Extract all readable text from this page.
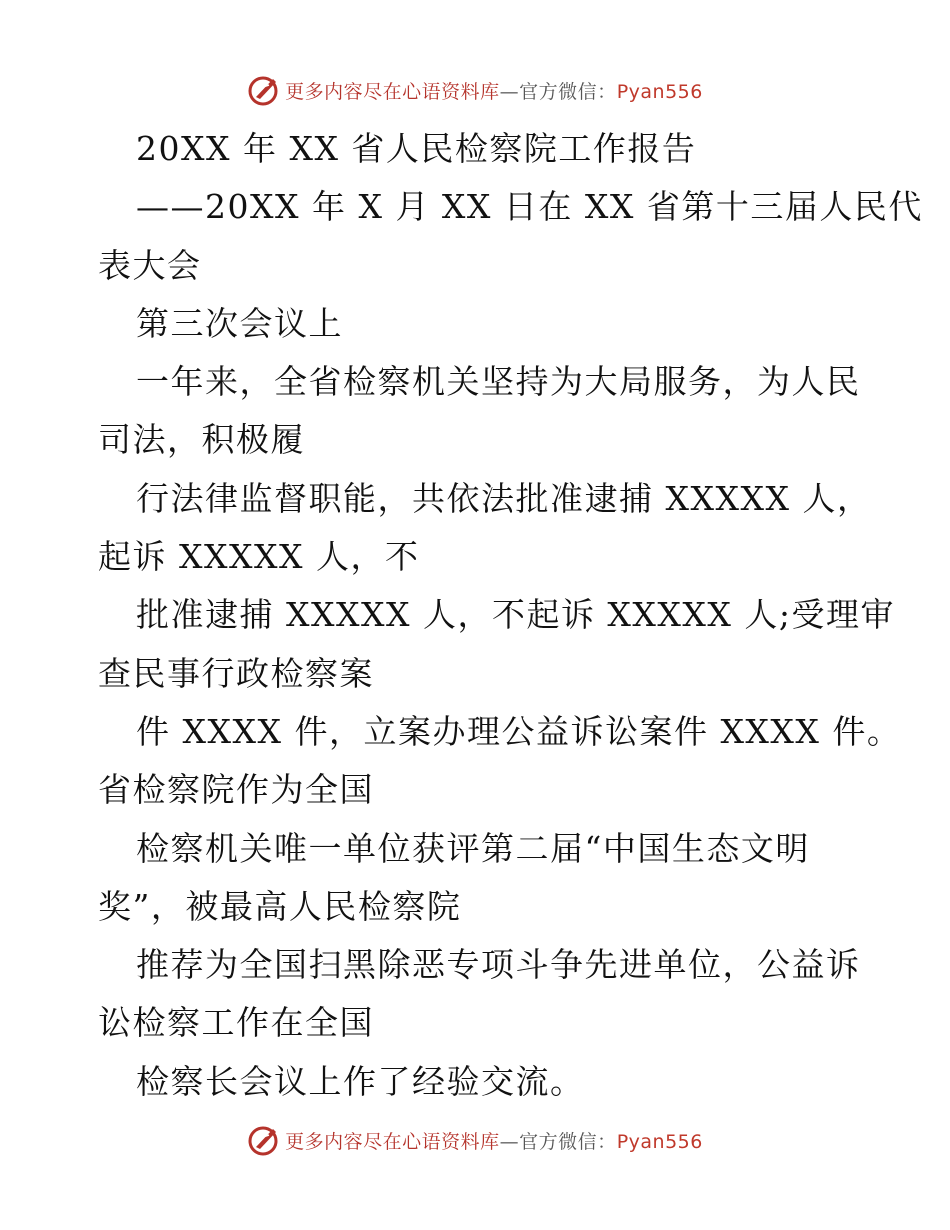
更多内容尽在心语资料库—官方微信：Pyan556
20XX 年 XX 省人民检察院工作报告
——20XX 年 X 月 XX 日在 XX 省第十三届人民代
表大会
第三次会议上
一年来，全省检察机关坚持为大局服务，为人民
司法，积极履
行法律监督职能，共依法批准逮捕 XXXXX 人，
起诉 XXXXX 人，不
批准逮捕 XXXXX 人，不起诉 XXXXX 人;受理审
查民事行政检察案
件 XXXX 件，立案办理公益诉讼案件 XXXX 件。
省检察院作为全国
检察机关唯一单位获评第二届“中国生态文明
奖”，被最高人民检察院
推荐为全国扫黑除恶专项斗争先进单位，公益诉
讼检察工作在全国
检察长会议上作了经验交流。
更多内容尽在心语资料库—官方微信：Pyan556
